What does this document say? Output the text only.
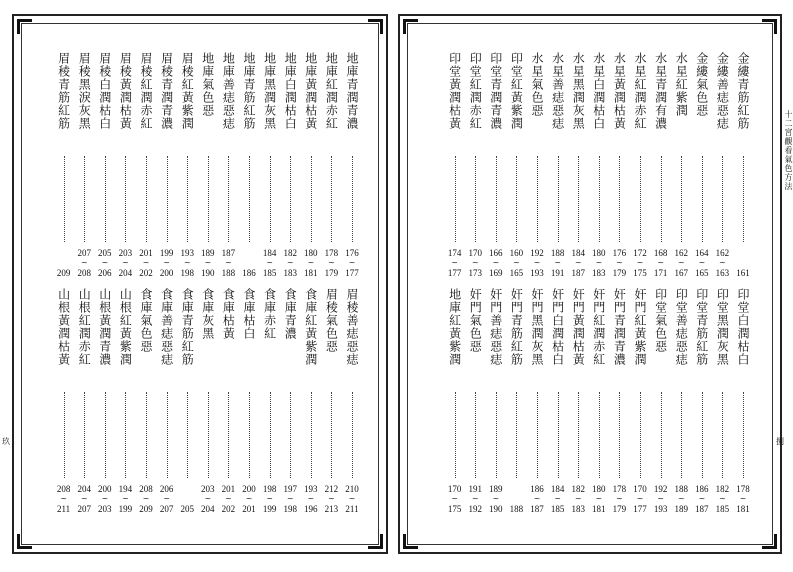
地庫青潤青濃
176
~
177
地庫紅潤赤紅
178
~
179
地庫黃潤枯黃
180
~
181
地庫白潤枯白
182
~
183
地庫黑潤灰黑
184
~
185
地庫青筋紅筋
186
地庫善痣惡痣
187
~
188
地庫氣色惡
189
~
190
眉稜紅黃紫潤
193
~
198
眉稜青潤青濃
199
~
200
眉稜紅潤赤紅
201
~
202
眉稜黃潤枯黃
203
~
204
眉稜白潤枯白
205
~
206
眉稜黑淚灰黑
207
~
208
眉稜青筋紅筋
209
眉稜善痣惡痣
210
~
211
眉稜氣色惡
212
~
213
食庫紅黃紫潤
193
~
196
食庫青濃
197
~
198
食庫赤紅
198
~
199
食庫枯白
200
~
201
食庫枯黃
201
~
202
食庫灰黑
203
~
204
食庫青筋紅筋
205
食庫善痣惡痣
206
~
207
食庫氣色惡
208
~
209
山根紅黃紫潤
194
~
199
山根黃潤青濃
200
~
203
山根紅潤赤紅
204
~
207
山根黃潤枯黃
208
~
211
玖
金縷青筋紅筋
161
金縷善痣惡痣
162
~
163
金縷氣色惡
164
~
165
水星紅紫潤
162
~
167
水星青潤有濃
168
~
171
水星紅潤赤紅
172
~
175
水星黃潤枯黃
176
~
179
水星白潤枯白
180
~
183
水星黑潤灰黑
184
~
187
水星善痣惡痣
188
~
191
水星氣色惡
192
~
193
印堂紅黃紫潤
160
~
165
印堂青潤青濃
166
~
169
印堂紅潤赤紅
170
~
173
印堂黃潤枯黃
174
~
177
印堂白潤枯白
178
~
181
印堂黑潤灰黑
182
~
185
印堂青筋紅筋
186
~
187
印堂善痣惡痣
188
~
189
印堂氣色惡
192
~
193
奸門紅黃紫潤
170
~
177
奸門青潤青濃
178
~
179
奸門紅潤赤紅
180
~
181
奸門黃潤枯黃
182
~
183
奸門白潤枯白
184
~
185
奸門黑潤灰黑
186
~
187
奸門青筋紅筋
188
奸門善痣惡痣
189
~
190
奸門氣色惡
191
~
192
地庫紅黃紫潤
170
~
175
十二宮觀看氣色方法
捌
